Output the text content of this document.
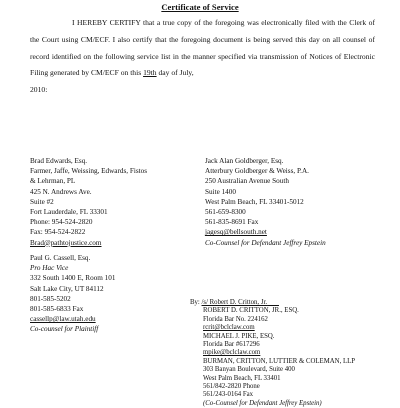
Certificate of Service

I HEREBY CERTIFY that a true copy of the foregoing was electronically filed with the Clerk of the Court using CM/ECF. I also certify that the foregoing document is being served this day on all counsel of record identified on the following service list in the manner specified via transmission of Notices of Electronic Filing generated by CM/ECF on this 19th day of July,

2010:

Brad Edwards, Esq.
Farmer, Jaffe, Weissing, Edwards, Fistos
& Lehrman, PL
425 N. Andrews Ave.
Suite #2
Fort Lauderdale, FL 33301
Phone: 954-524-2820
Fax: 954-524-2822
Brad@pathtojustice.com
Jack Alan Goldberger, Esq.
Atterbury Goldberger & Weiss, P.A.
250 Australian Avenue South
Suite 1400
West Palm Beach, FL 33401-5012
561-659-8300
561-835-8691 Fax
jagesq@bellsouth.net
Co-Counsel for Defendant Jeffrey Epstein
Paul G. Cassell, Esq.
Pro Hac Vice
332 South 1400 E, Room 101
Salt Lake City, UT 84112
801-585-5202
801-585-6833 Fax
cassellp@law.utah.edu
Co-counsel for Plaintiff
By: /s/ Robert D. Critton, Jr.
ROBERT D. CRITTON, JR., ESQ.
Florida Bar No. 224162
rcrit@bclclaw.com
MICHAEL J. PIKE, ESQ.
Florida Bar #617296
mpike@bclclaw.com
BURMAN, CRITTON, LUTTIER & COLEMAN, LLP
303 Banyan Boulevard, Suite 400
West Palm Beach, FL 33401
561/842-2820 Phone
561/243-0164 Fax
(Co-Counsel for Defendant Jeffrey Epstein)
